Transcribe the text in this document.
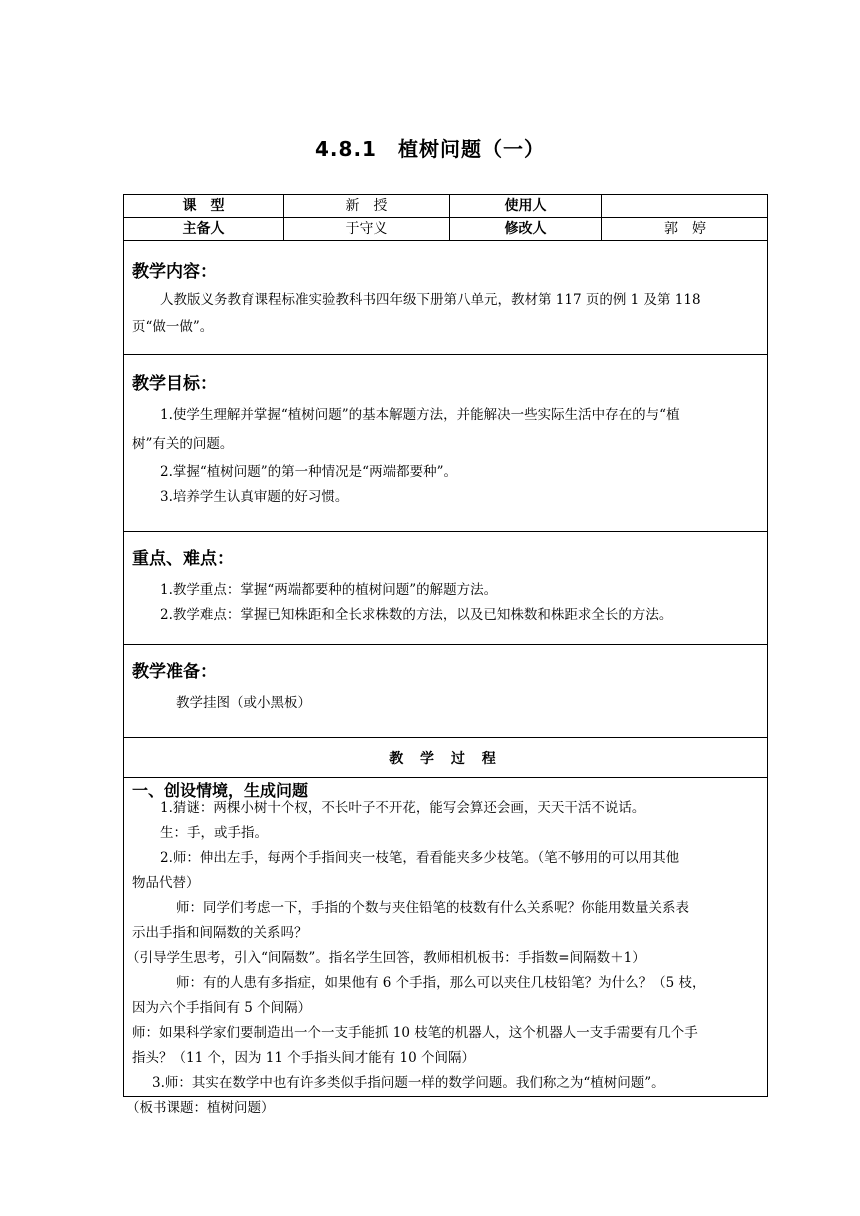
4.8.1　植树问题（一）
课　型	新　授	使用人
主备人	于守义	修改人	郭　婷
教学内容：
人教版义务教育课程标准实验教科书四年级下册第八单元，教材第 117 页的例 1 及第 118
页“做一做”。
教学目标：
1.使学生理解并掌握“植树问题”的基本解题方法，并能解决一些实际生活中存在的与“植
树”有关的问题。
2.掌握“植树问题”的第一种情况是“两端都要种”。
3.培养学生认真审题的好习惯。
重点、难点：
1.教学重点：掌握“两端都要种的植树问题”的解题方法。
2.教学难点：掌握已知株距和全长求株数的方法，以及已知株数和株距求全长的方法。
教学准备：
教学挂图（或小黑板）
教 学 过 程
一、创设情境，生成问题
1.猜谜：两棵小树十个杈，不长叶子不开花，能写会算还会画，天天干活不说话。
生：手，或手指。
2.师：伸出左手，每两个手指间夹一枝笔，看看能夹多少枝笔。（笔不够用的可以用其他
物品代替）
师：同学们考虑一下，手指的个数与夹住铅笔的枝数有什么关系呢？你能用数量关系表
示出手指和间隔数的关系吗？
（引导学生思考，引入“间隔数”。指名学生回答，教师相机板书：手指数=间隔数＋1）
师：有的人患有多指症，如果他有 6 个手指，那么可以夹住几枝铅笔？为什么？（5 枝，
因为六个手指间有 5 个间隔）
师：如果科学家们要制造出一个一支手能抓 10 枝笔的机器人，这个机器人一支手需要有几个手
指头？（11 个，因为 11 个手指头间才能有 10 个间隔）
3.师：其实在数学中也有许多类似手指问题一样的数学问题。我们称之为“植树问题”。
（板书课题：植树问题）
